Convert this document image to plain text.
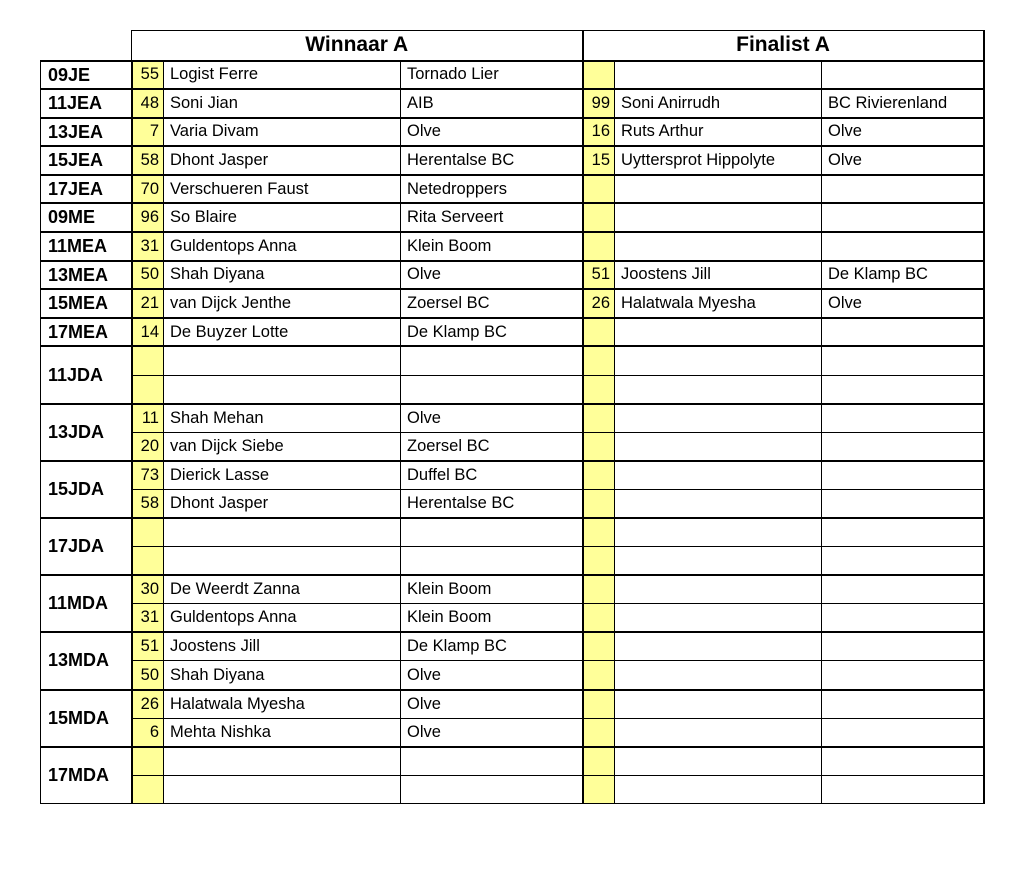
	Winnaar A			Finalist A		
09JE	55	Logist Ferre	Tornado Lier			
11JEA	48	Soni Jian	AIB	99	Soni Anirrudh	BC Rivierenland
13JEA	7	Varia Divam	Olve	16	Ruts Arthur	Olve
15JEA	58	Dhont Jasper	Herentalse BC	15	Uyttersprot Hippolyte	Olve
17JEA	70	Verschueren Faust	Netedroppers			
09ME	96	So Blaire	Rita Serveert			
11MEA	31	Guldentops Anna	Klein Boom			
13MEA	50	Shah Diyana	Olve	51	Joostens Jill	De Klamp BC
15MEA	21	van Dijck Jenthe	Zoersel BC	26	Halatwala Myesha	Olve
17MEA	14	De Buyzer Lotte	De Klamp BC			
11JDA						

13JDA	11	Shah Mehan	Olve			
	20	van Dijck Siebe	Zoersel BC			
15JDA	73	Dierick Lasse	Duffel BC			
	58	Dhont Jasper	Herentalse BC			
17JDA						

11MDA	30	De Weerdt Zanna	Klein Boom			
	31	Guldentops Anna	Klein Boom			
13MDA	51	Joostens Jill	De Klamp BC			
	50	Shah Diyana	Olve			
15MDA	26	Halatwala Myesha	Olve			
	6	Mehta Nishka	Olve			
17MDA						
